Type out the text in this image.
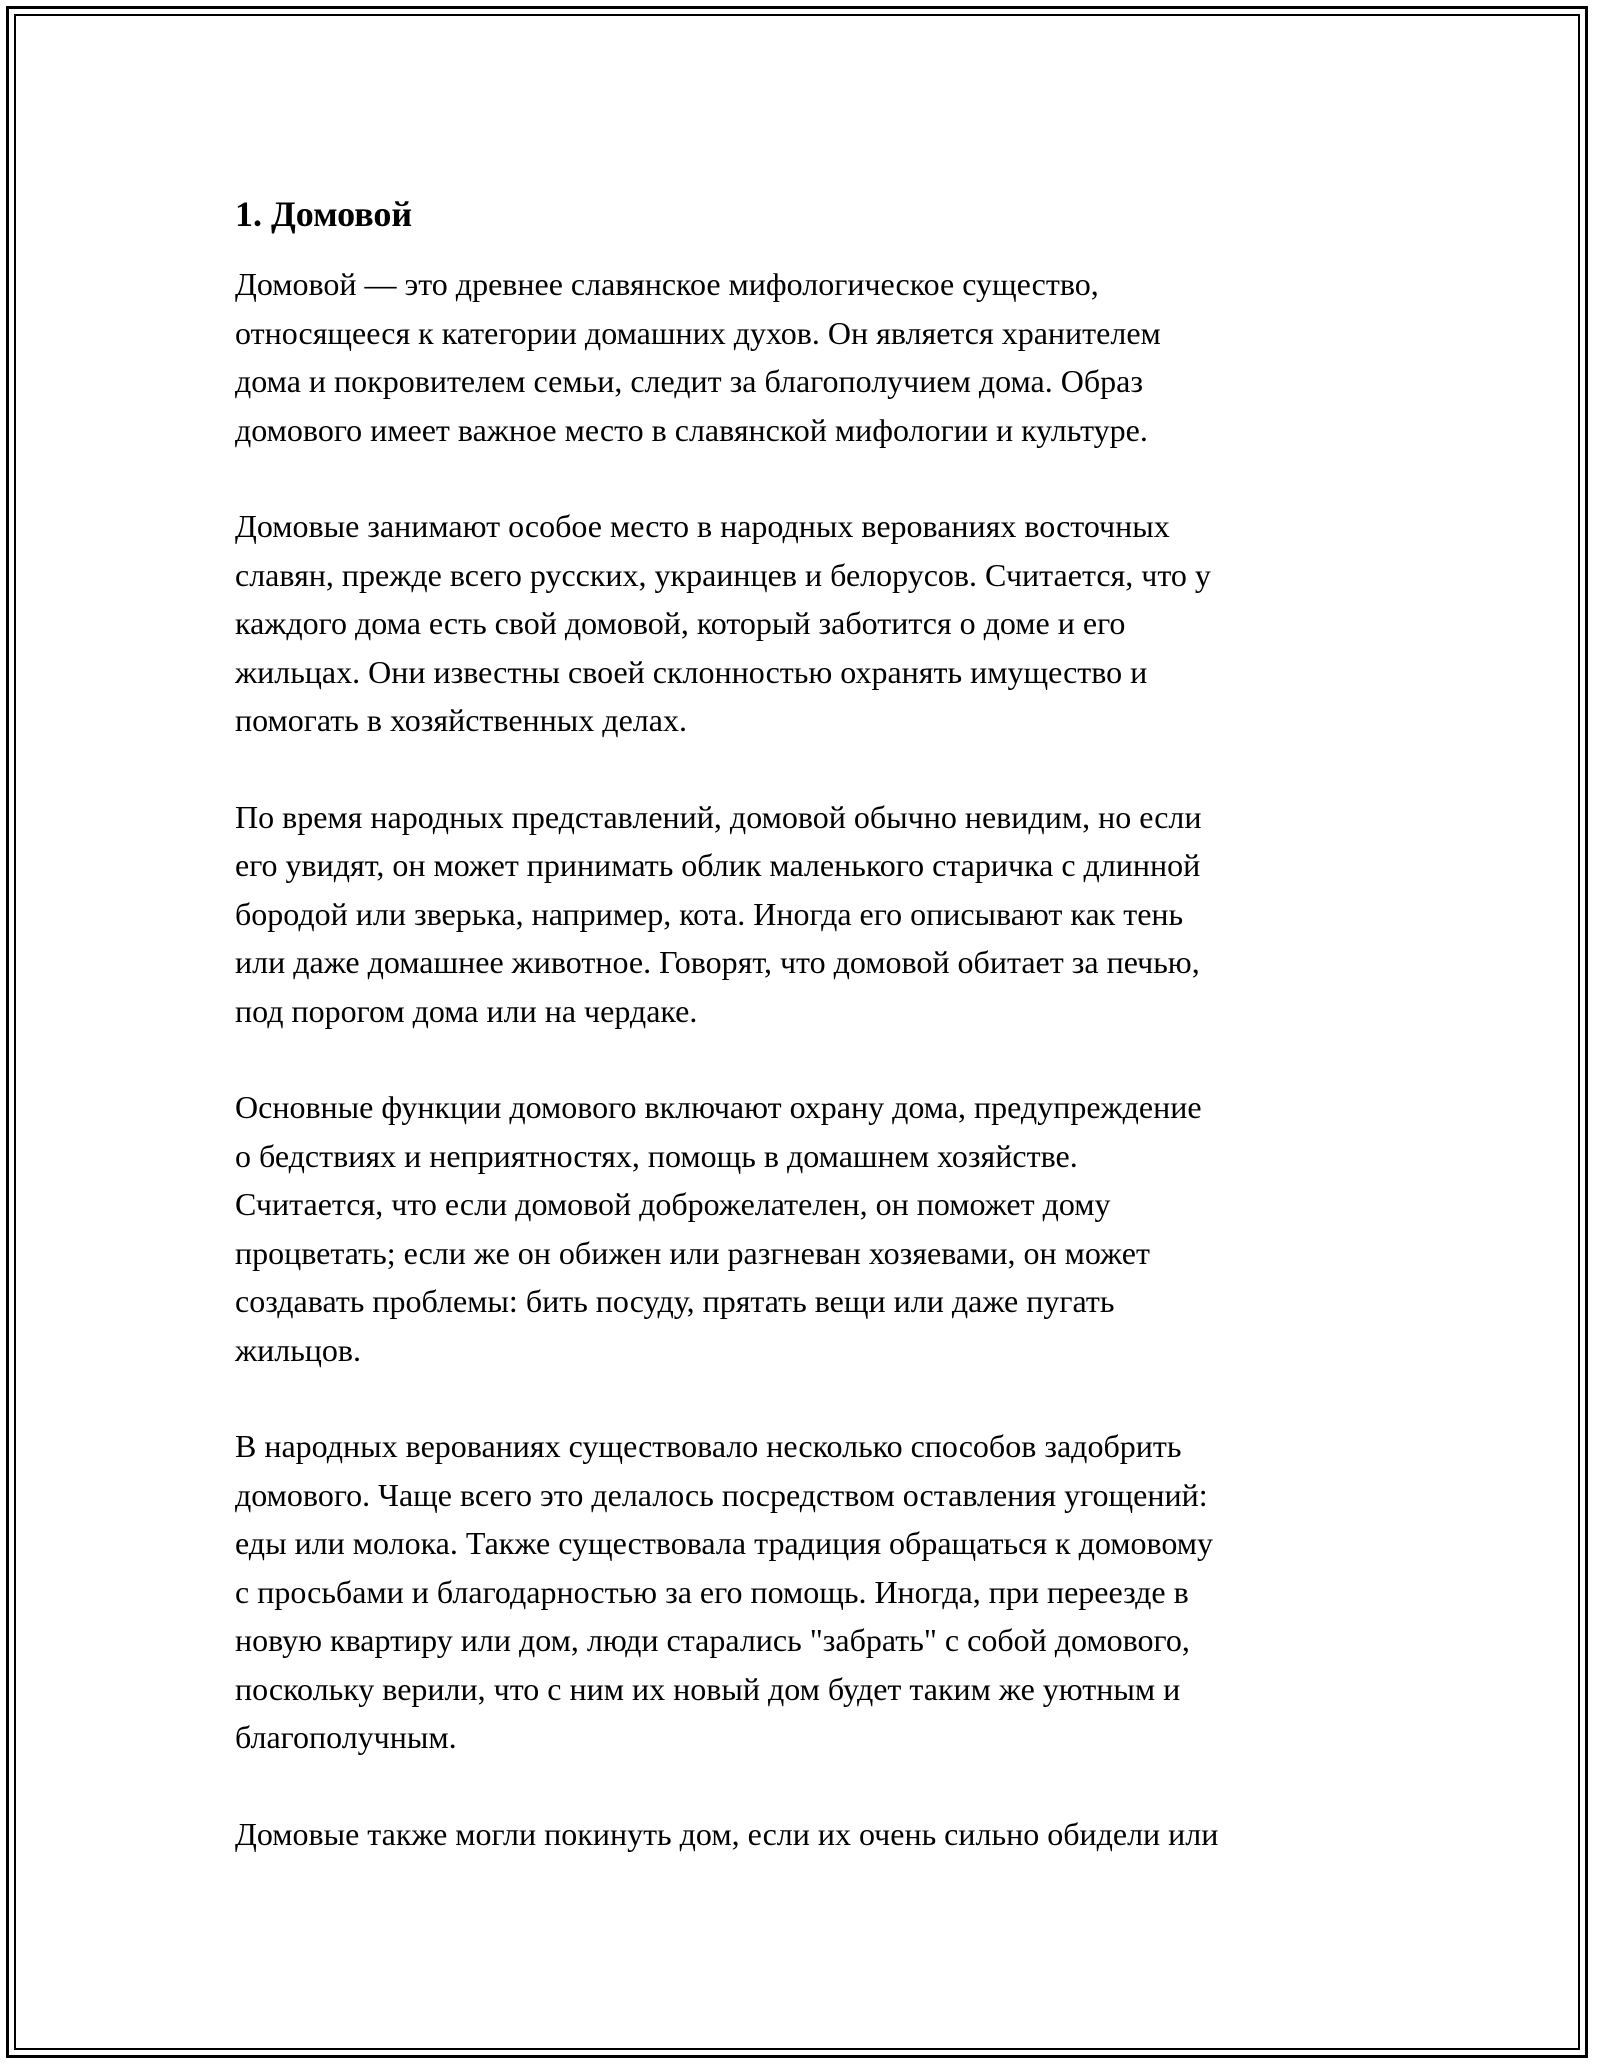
1. Домовой

Домовой — это древнее славянское мифологическое существо,
относящееся к категории домашних духов. Он является хранителем
дома и покровителем семьи, следит за благополучием дома. Образ
домового имеет важное место в славянской мифологии и культуре.

Домовые занимают особое место в народных верованиях восточных
славян, прежде всего русских, украинцев и белорусов. Считается, что у
каждого дома есть свой домовой, который заботится о доме и его
жильцах. Они известны своей склонностью охранять имущество и
помогать в хозяйственных делах.

По время народных представлений, домовой обычно невидим, но если
его увидят, он может принимать облик маленького старичка с длинной
бородой или зверька, например, кота. Иногда его описывают как тень
или даже домашнее животное. Говорят, что домовой обитает за печью,
под порогом дома или на чердаке.

Основные функции домового включают охрану дома, предупреждение
о бедствиях и неприятностях, помощь в домашнем хозяйстве.
Считается, что если домовой доброжелателен, он поможет дому
процветать; если же он обижен или разгневан хозяевами, он может
создавать проблемы: бить посуду, прятать вещи или даже пугать
жильцов.

В народных верованиях существовало несколько способов задобрить
домового. Чаще всего это делалось посредством оставления угощений:
еды или молока. Также существовала традиция обращаться к домовому
с просьбами и благодарностью за его помощь. Иногда, при переезде в
новую квартиру или дом, люди старались "забрать" с собой домового,
поскольку верили, что с ним их новый дом будет таким же уютным и
благополучным.

Домовые также могли покинуть дом, если их очень сильно обидели или
